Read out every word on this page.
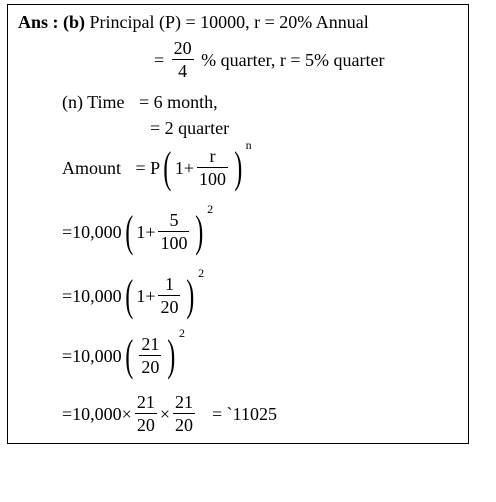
Ans : (b) Principal (P) = 10000, r = 20% Annual
= $\frac{20}{4}$ % quarter, r = 5% quarter
(n) Time = 6 month,
= 2 quarter
Amount = P( $1+ \frac{r}{100}$ ) n
=10,000( $1+ \frac{5}{100}$ ) 2
=10,000( $1+ \frac{1}{20}$ ) 2
$=10,000( \frac{21}{20}$ ) 2
$=10,000\times \frac{21}{20} \times \frac{21}{20}$ = `11025
